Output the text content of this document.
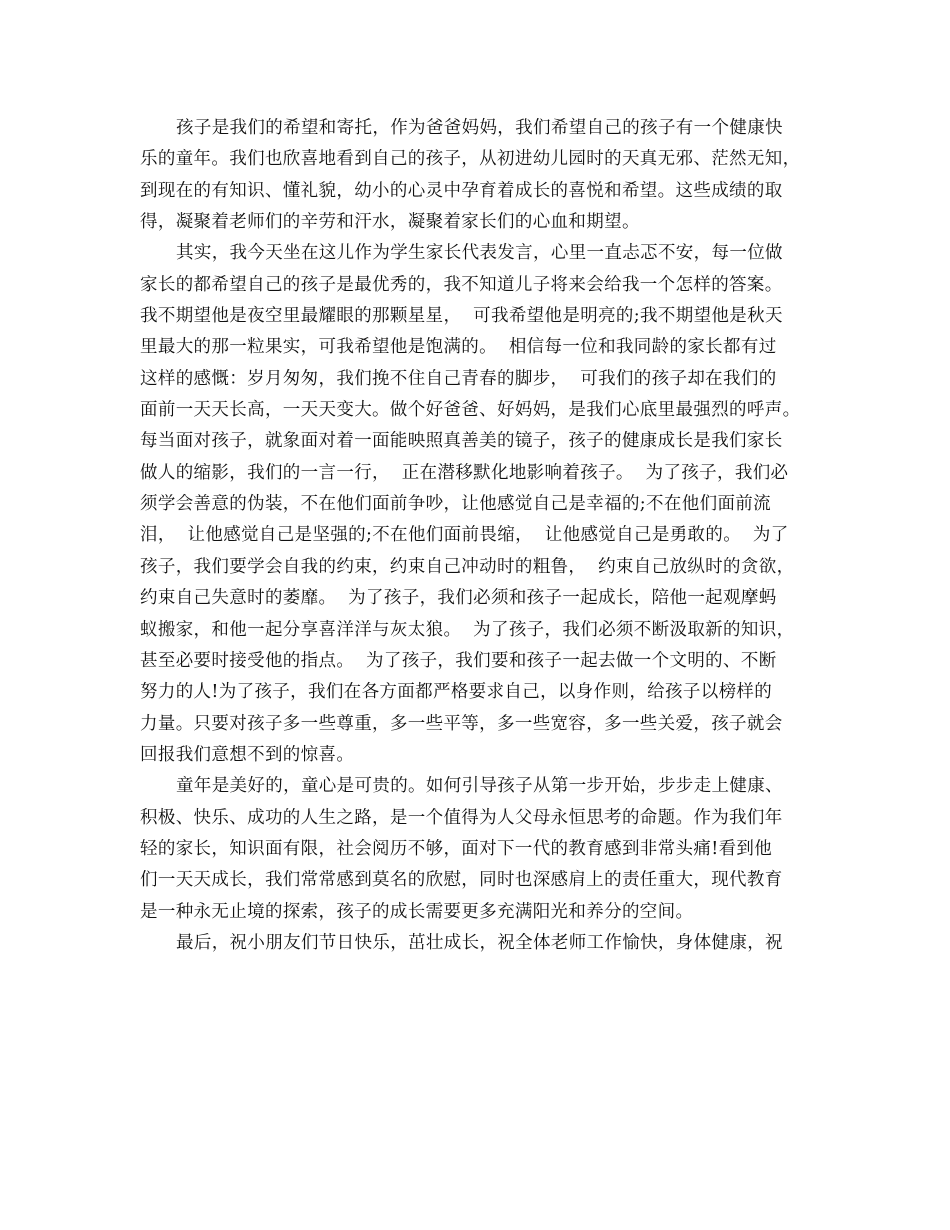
孩子是我们的希望和寄托，作为爸爸妈妈，我们希望自己的孩子有一个健康快
乐的童年。我们也欣喜地看到自己的孩子，从初进幼儿园时的天真无邪、茫然无知，
到现在的有知识、懂礼貌，幼小的心灵中孕育着成长的喜悦和希望。这些成绩的取
得，凝聚着老师们的辛劳和汗水，凝聚着家长们的心血和期望。
其实，我今天坐在这儿作为学生家长代表发言，心里一直忐忑不安，每一位做
家长的都希望自己的孩子是最优秀的，我不知道儿子将来会给我一个怎样的答案。
我不期望他是夜空里最耀眼的那颗星星，  可我希望他是明亮的;我不期望他是秋天
里最大的那一粒果实，可我希望他是饱满的。  相信每一位和我同龄的家长都有过
这样的感慨：岁月匆匆，我们挽不住自己青春的脚步，  可我们的孩子却在我们的
面前一天天长高，一天天变大。做个好爸爸、好妈妈，是我们心底里最强烈的呼声。
每当面对孩子，就象面对着一面能映照真善美的镜子，孩子的健康成长是我们家长
做人的缩影，我们的一言一行，  正在潜移默化地影响着孩子。  为了孩子，我们必
须学会善意的伪装，不在他们面前争吵，让他感觉自己是幸福的;不在他们面前流
泪，  让他感觉自己是坚强的;不在他们面前畏缩，  让他感觉自己是勇敢的。  为了
孩子，我们要学会自我的约束，约束自己冲动时的粗鲁，  约束自己放纵时的贪欲，
约束自己失意时的萎靡。  为了孩子，我们必须和孩子一起成长，陪他一起观摩蚂
蚁搬家，和他一起分享喜洋洋与灰太狼。  为了孩子，我们必须不断汲取新的知识，
甚至必要时接受他的指点。  为了孩子，我们要和孩子一起去做一个文明的、不断
努力的人!为了孩子，我们在各方面都严格要求自己，以身作则，给孩子以榜样的
力量。只要对孩子多一些尊重，多一些平等，多一些宽容，多一些关爱，孩子就会
回报我们意想不到的惊喜。
童年是美好的，童心是可贵的。如何引导孩子从第一步开始，步步走上健康、
积极、快乐、成功的人生之路，是一个值得为人父母永恒思考的命题。作为我们年
轻的家长，知识面有限，社会阅历不够，面对下一代的教育感到非常头痛!看到他
们一天天成长，我们常常感到莫名的欣慰，同时也深感肩上的责任重大，现代教育
是一种永无止境的探索，孩子的成长需要更多充满阳光和养分的空间。
最后，祝小朋友们节日快乐，茁壮成长，祝全体老师工作愉快，身体健康，祝
